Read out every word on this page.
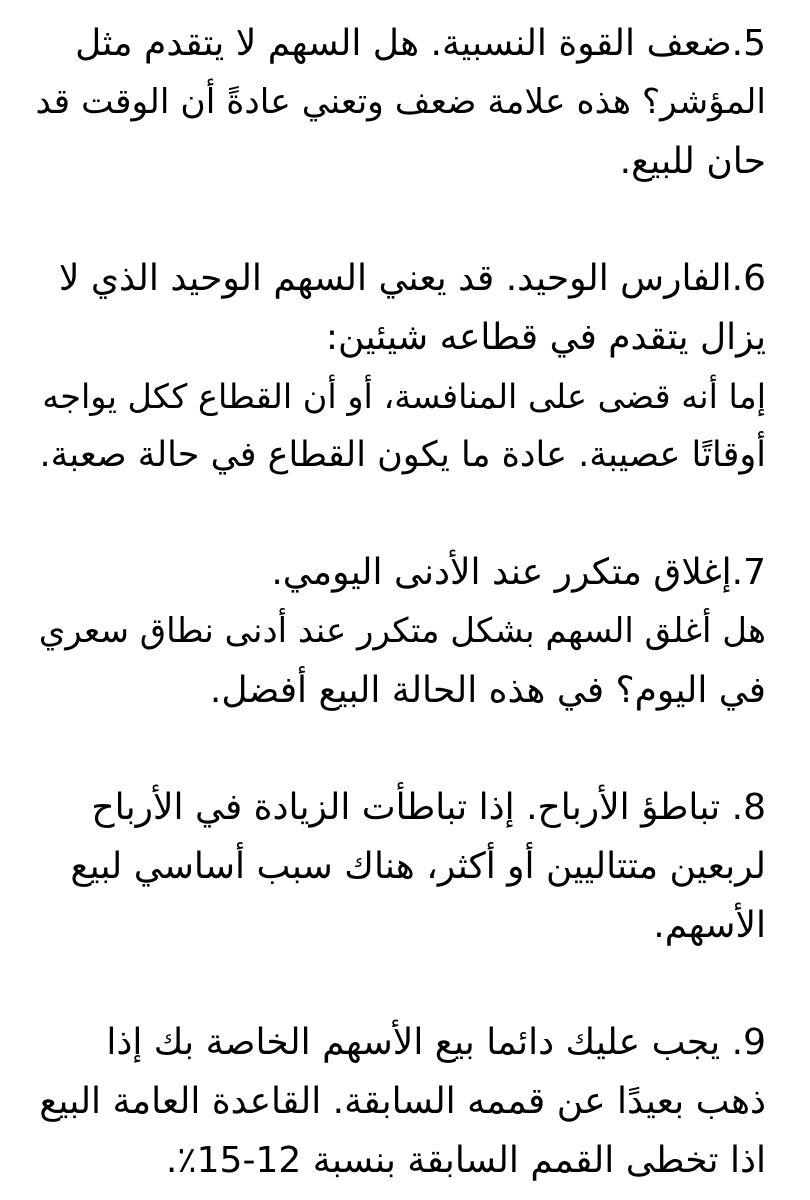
5.ضعف القوة النسبية. هل السهم لا يتقدم مثل
المؤشر؟ هذه علامة ضعف وتعني عادةً أن الوقت قد
حان للبيع.
6.الفارس الوحيد. قد يعني السهم الوحيد الذي لا
يزال يتقدم في قطاعه شيئين:
إما أنه قضى على المنافسة، أو أن القطاع ككل يواجه
أوقاتًا عصيبة. عادة ما يكون القطاع في حالة صعبة.
7.إغلاق متكرر عند الأدنى اليومي.
هل أغلق السهم بشكل متكرر عند أدنى نطاق سعري
في اليوم؟ في هذه الحالة البيع أفضل.
8. تباطؤ الأرباح. إذا تباطأت الزيادة في الأرباح
لربعين متتاليين أو أكثر، هناك سبب أساسي لبيع
الأسهم.
9. يجب عليك دائما بيع الأسهم الخاصة بك إذا
ذهب بعيدًا عن قممه السابقة. القاعدة العامة البيع
اذا تخطى القمم السابقة بنسبة 12-15٪.
